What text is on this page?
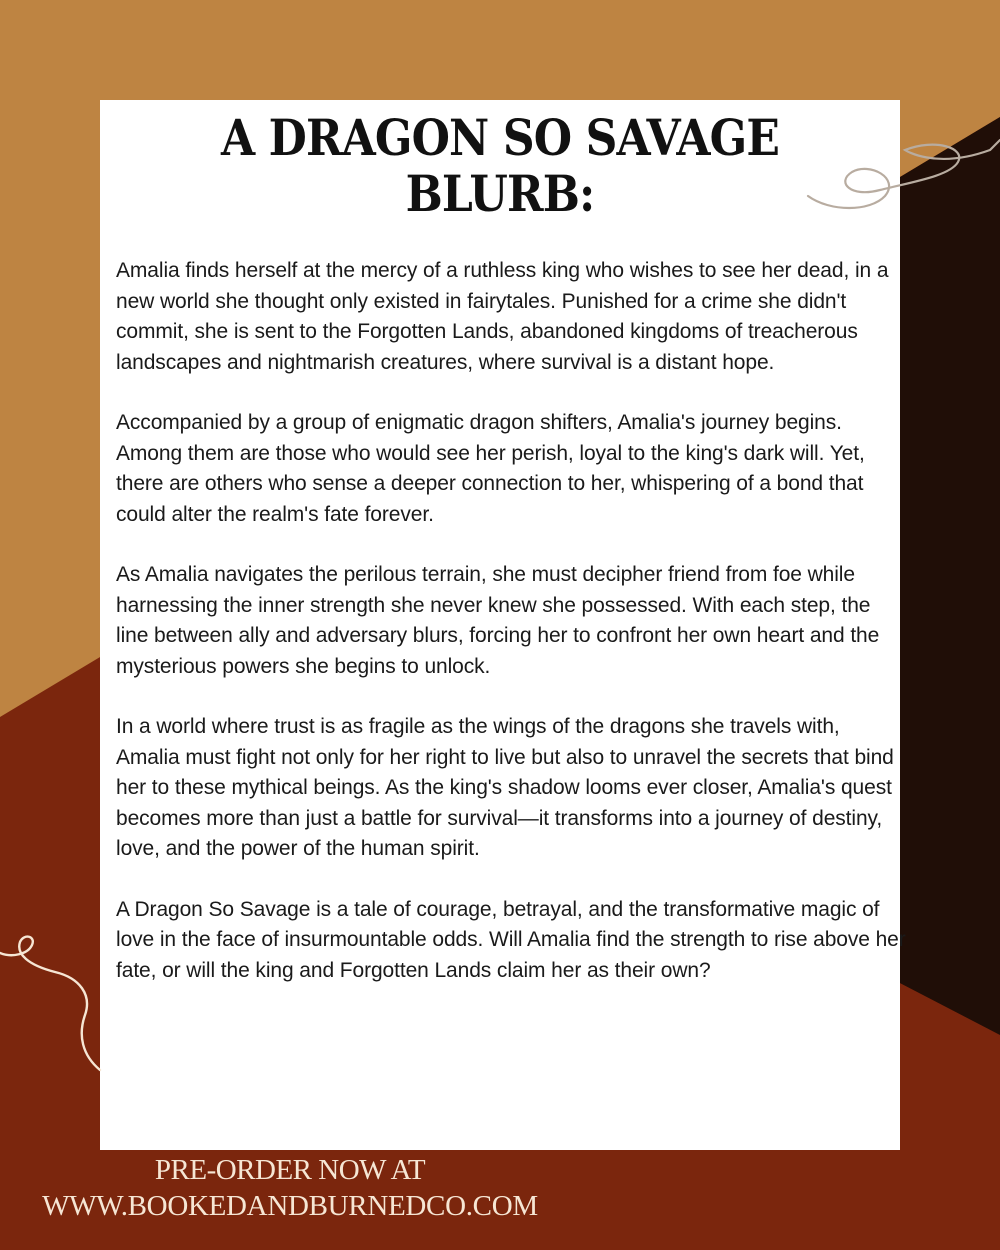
A DRAGON SO SAVAGE
BLURB:

Amalia finds herself at the mercy of a ruthless king who wishes to see her dead, in a new world she thought only existed in fairytales. Punished for a crime she didn't commit, she is sent to the Forgotten Lands, abandoned kingdoms of treacherous landscapes and nightmarish creatures, where survival is a distant hope.

Accompanied by a group of enigmatic dragon shifters, Amalia's journey begins. Among them are those who would see her perish, loyal to the king's dark will. Yet, there are others who sense a deeper connection to her, whispering of a bond that could alter the realm's fate forever.

As Amalia navigates the perilous terrain, she must decipher friend from foe while harnessing the inner strength she never knew she possessed. With each step, the line between ally and adversary blurs, forcing her to confront her own heart and the mysterious powers she begins to unlock.

In a world where trust is as fragile as the wings of the dragons she travels with, Amalia must fight not only for her right to live but also to unravel the secrets that bind her to these mythical beings. As the king's shadow looms ever closer, Amalia's quest becomes more than just a battle for survival—it transforms into a journey of destiny, love, and the power of the human spirit.

A Dragon So Savage is a tale of courage, betrayal, and the transformative magic of love in the face of insurmountable odds. Will Amalia find the strength to rise above her fate, or will the king and Forgotten Lands claim her as their own?

PRE-ORDER NOW AT
WWW.BOOKEDANDBURNEDCO.COM
